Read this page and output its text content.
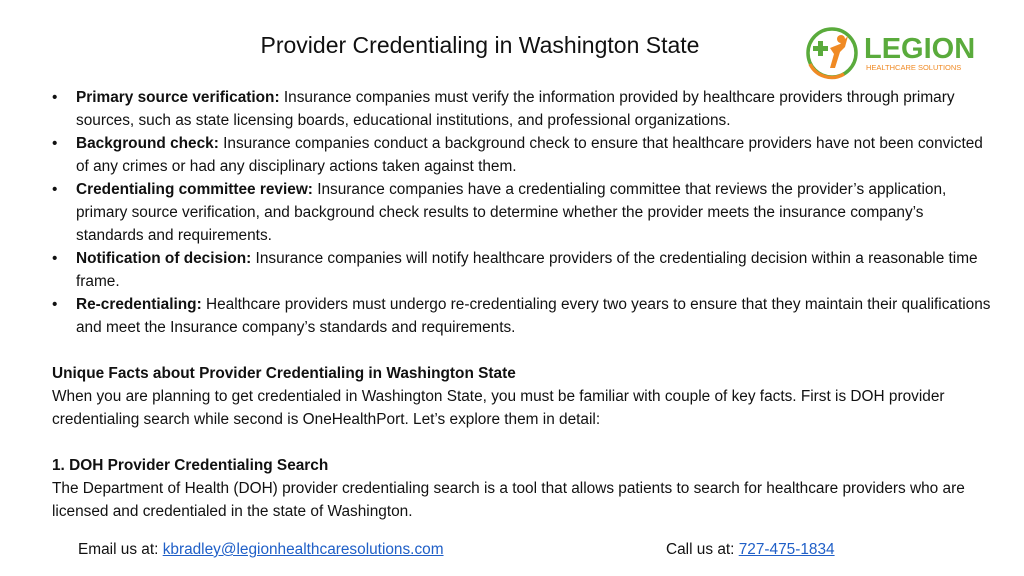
Provider Credentialing in Washington State	LEGION
HEALTHCARE SOLUTIONS
• Primary source verification: Insurance companies must verify the information provided by healthcare providers through primary sources, such as state licensing boards, educational institutions, and professional organizations.
• Background check: Insurance companies conduct a background check to ensure that healthcare providers have not been convicted of any crimes or had any disciplinary actions taken against them.
• Credentialing committee review: Insurance companies have a credentialing committee that reviews the provider’s application, primary source verification, and background check results to determine whether the provider meets the insurance company’s standards and requirements.
• Notification of decision: Insurance companies will notify healthcare providers of the credentialing decision within a reasonable time frame.
• Re-credentialing: Healthcare providers must undergo re-credentialing every two years to ensure that they maintain their qualifications and meet the Insurance company’s standards and requirements.
Unique Facts about Provider Credentialing in Washington State
When you are planning to get credentialed in Washington State, you must be familiar with couple of key facts. First is DOH provider credentialing search while second is OneHealthPort. Let’s explore them in detail:
1. DOH Provider Credentialing Search
The Department of Health (DOH) provider credentialing search is a tool that allows patients to search for healthcare providers who are licensed and credentialed in the state of Washington.
Email us at: kbradley@legionhealthcaresolutions.com	Call us at: 727-475-1834
